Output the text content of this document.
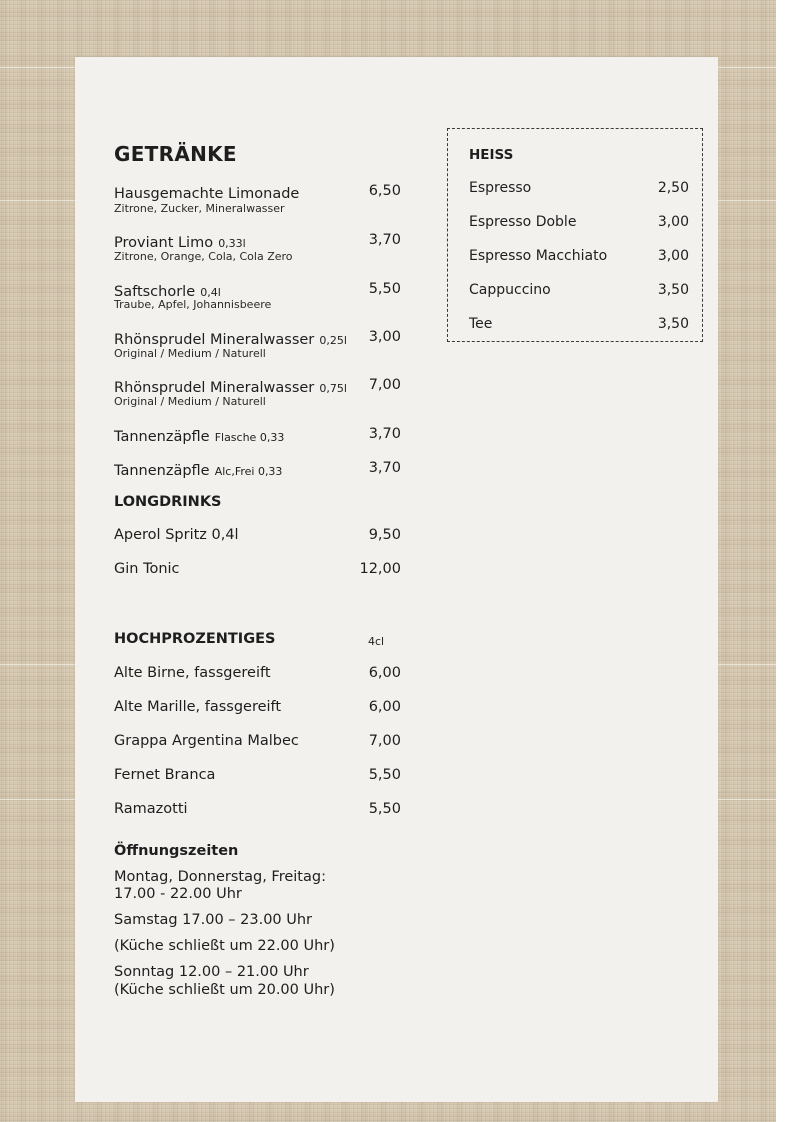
GETRÄNKE
Hausgemachte Limonade
Zitrone, Zucker, Mineralwasser
6,50
Proviant Limo 0,33l
Zitrone, Orange, Cola, Cola Zero
3,70
Saftschorle 0,4l
Traube, Apfel, Johannisbeere
5,50
Rhönsprudel Mineralwasser 0,25l
Original / Medium / Naturell
3,00
Rhönsprudel Mineralwasser 0,75l
Original / Medium / Naturell
7,00
Tannenzäpfle Flasche 0,33	3,70
Tannenzäpfle Alc,Frei 0,33	3,70
LONGDRINKS
Aperol Spritz 0,4l	9,50
Gin Tonic	12,00
HOCHPROZENTIGES	4cl
Alte Birne, fassgereift	6,00
Alte Marille, fassgereift	6,00
Grappa Argentina Malbec	7,00
Fernet Branca	5,50
Ramazotti	5,50
Öffnungszeiten
Montag, Donnerstag, Freitag:
17.00 - 22.00 Uhr
Samstag 17.00 – 23.00 Uhr
(Küche schließt um 22.00 Uhr)
Sonntag 12.00 – 21.00 Uhr
(Küche schließt um 20.00 Uhr)
HEISS
Espresso	2,50
Espresso Doble	3,00
Espresso Macchiato	3,00
Cappuccino	3,50
Tee	3,50
